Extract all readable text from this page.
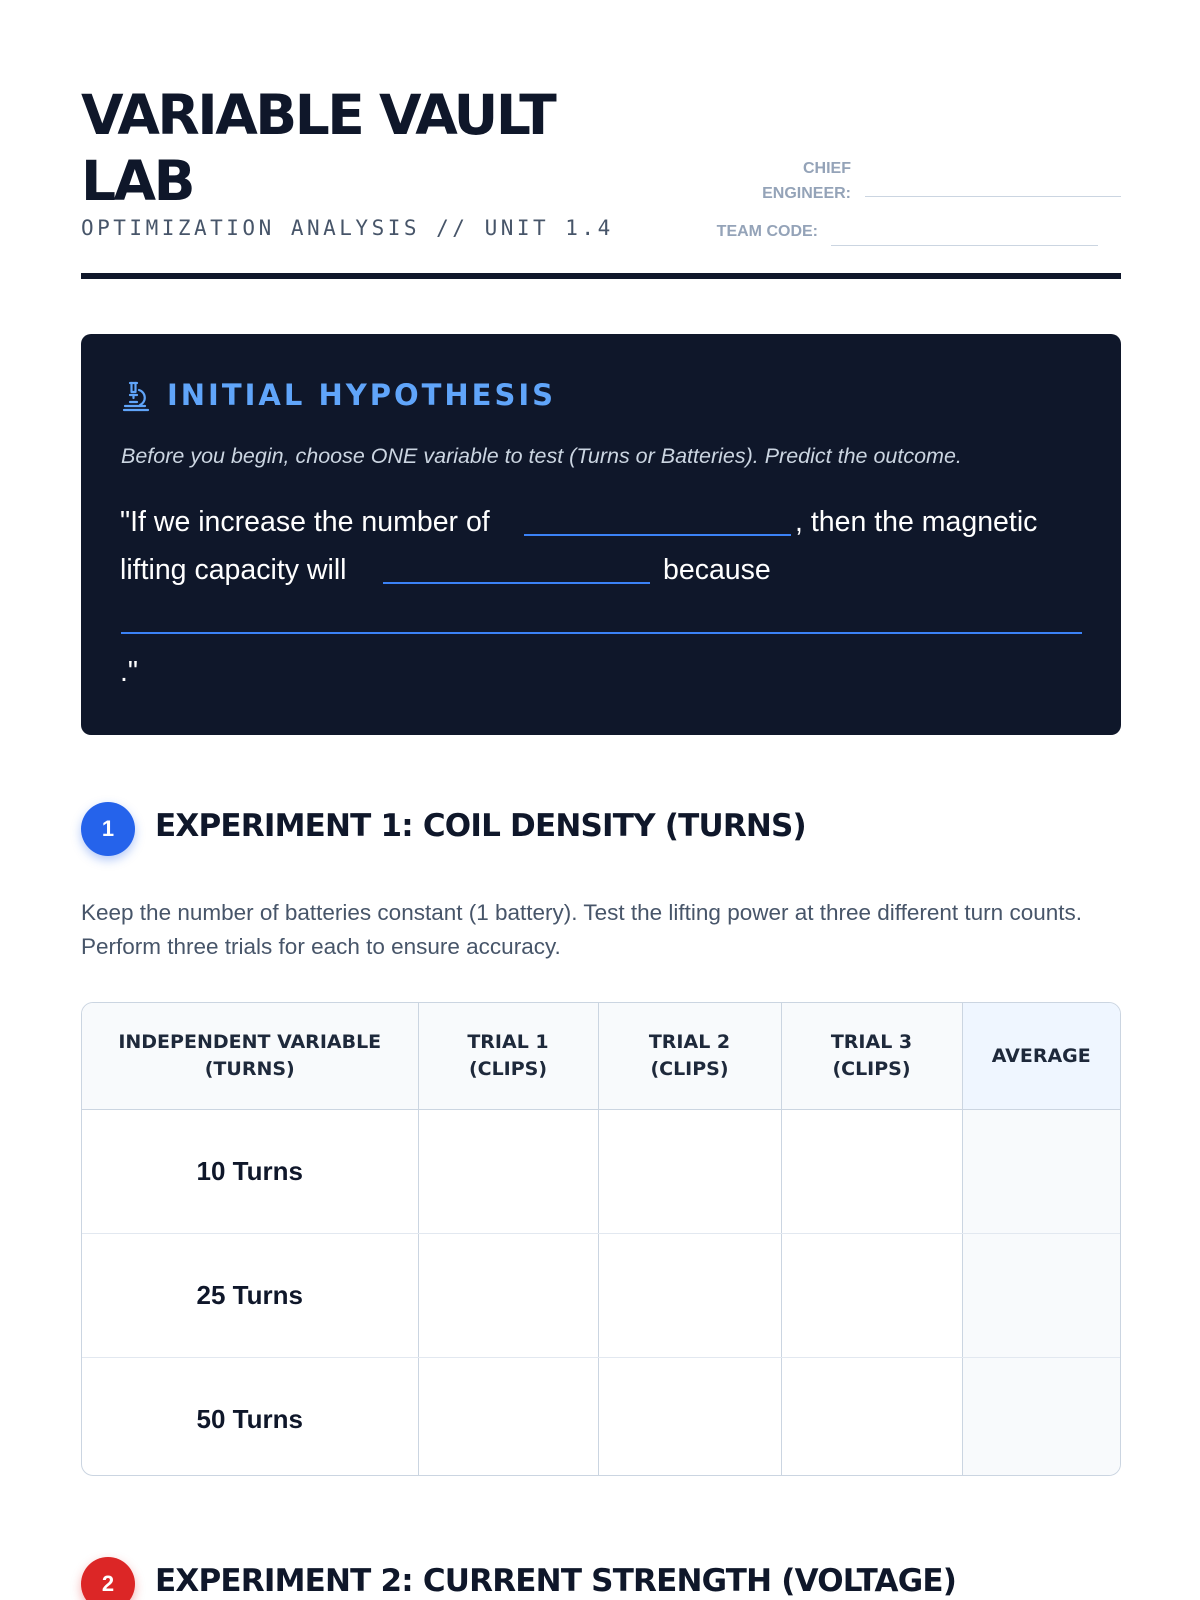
VARIABLE VAULT LAB
OPTIMIZATION ANALYSIS // UNIT 1.4
CHIEF
ENGINEER:
TEAM CODE:
INITIAL HYPOTHESIS
Before you begin, choose ONE variable to test (Turns or Batteries). Predict the outcome.
"If we increase the number of	, then the magnetic
lifting capacity will	because
."
1	EXPERIMENT 1: COIL DENSITY (TURNS)

Keep the number of batteries constant (1 battery). Test the lifting power at three different turn counts. Perform three trials for each to ensure accuracy.

INDEPENDENT VARIABLE (TURNS)	TRIAL 1 (CLIPS)	TRIAL 2 (CLIPS)	TRIAL 3 (CLIPS)	AVERAGE
10 Turns				
25 Turns				
50 Turns				
2	EXPERIMENT 2: CURRENT STRENGTH (VOLTAGE)
